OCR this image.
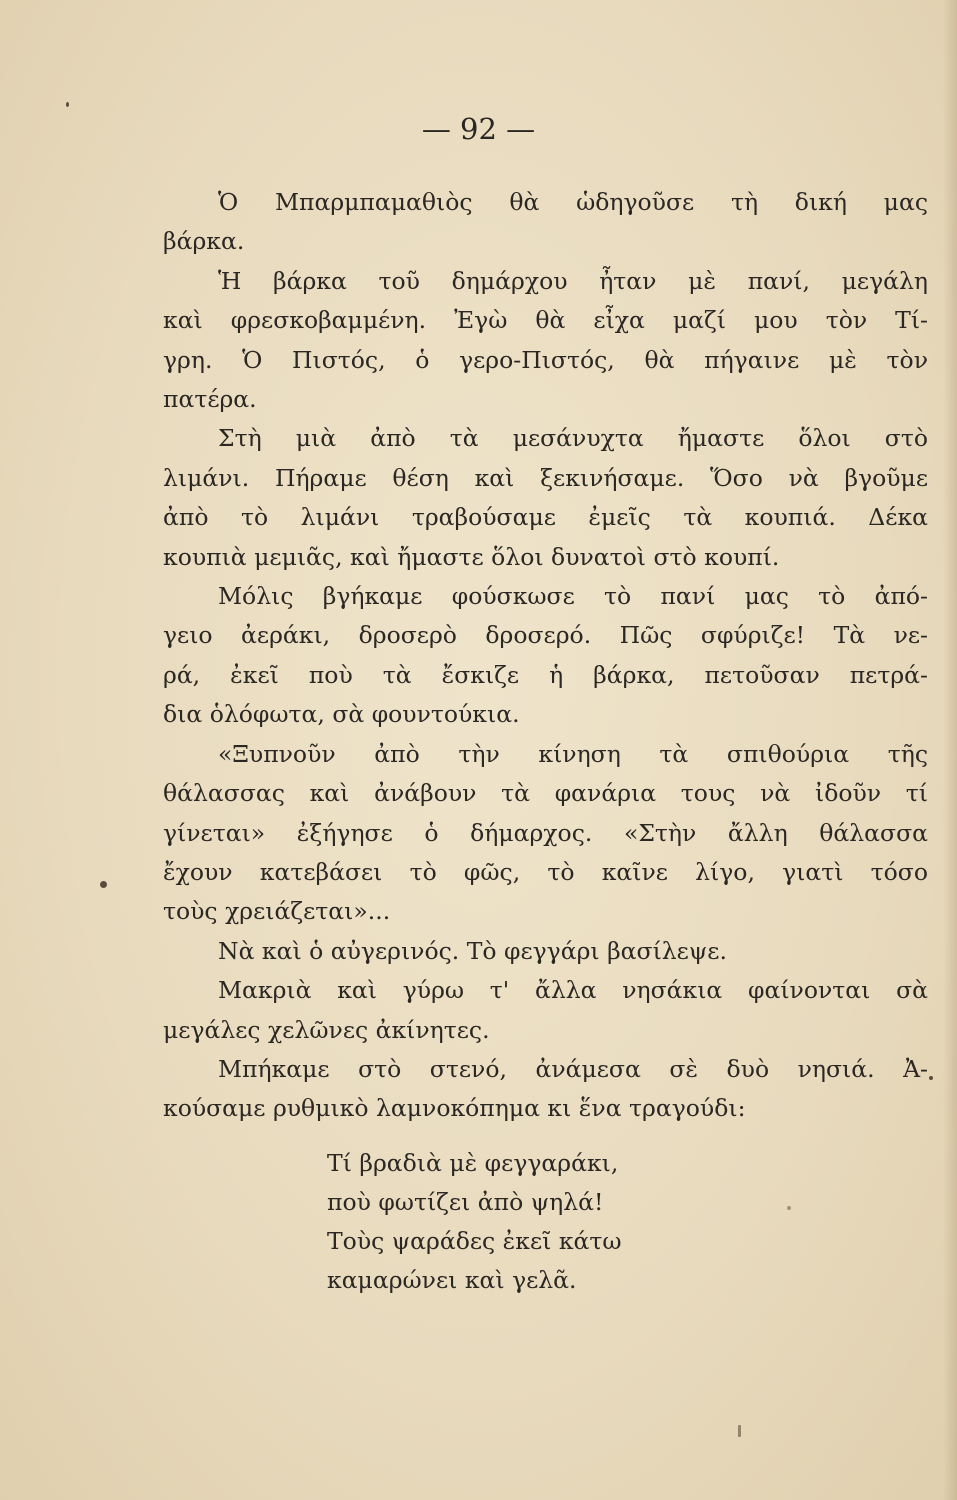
— 92 —
Ὁ Μπαρμπαμαθιὸς θὰ ὡδηγοῦσε τὴ δική μας
βάρκα.
Ἡ βάρκα τοῦ δημάρχου ἦταν μὲ πανί, μεγάλη
καὶ φρεσκοβαμμένη. Ἐγὼ θὰ εἶχα μαζί μου τὸν Τί-
γρη. Ὁ Πιστός, ὁ γερο-Πιστός, θὰ πήγαινε μὲ τὸν
πατέρα.
Στὴ μιὰ ἀπὸ τὰ μεσάνυχτα ἤμαστε ὅλοι στὸ
λιμάνι. Πήραμε θέση καὶ ξεκινήσαμε. Ὅσο νὰ βγοῦμε
ἀπὸ τὸ λιμάνι τραβούσαμε ἐμεῖς τὰ κουπιά. Δέκα
κουπιὰ μεμιᾶς, καὶ ἤμαστε ὅλοι δυνατοὶ στὸ κουπί.
Μόλις βγήκαμε φούσκωσε τὸ πανί μας τὸ ἀπό-
γειο ἀεράκι, δροσερὸ δροσερό. Πῶς σφύριζε! Τὰ νε-
ρά, ἐκεῖ ποὺ τὰ ἔσκιζε ἡ βάρκα, πετοῦσαν πετρά-
δια ὁλόφωτα, σὰ φουντούκια.
«Ξυπνοῦν ἀπὸ τὴν κίνηση τὰ σπιθούρια τῆς
θάλασσας καὶ ἀνάβουν τὰ φανάρια τους νὰ ἰδοῦν τί
γίνεται» ἐξήγησε ὁ δήμαρχος. «Στὴν ἄλλη θάλασσα
ἔχουν κατεβάσει τὸ φῶς, τὸ καῖνε λίγο, γιατὶ τόσο
τοὺς χρειάζεται»...
Νὰ καὶ ὁ αὐγερινός. Τὸ φεγγάρι βασίλεψε.
Μακριὰ καὶ γύρω τ' ἄλλα νησάκια φαίνονται σὰ
μεγάλες χελῶνες ἀκίνητες.
Μπήκαμε στὸ στενό, ἀνάμεσα σὲ δυὸ νησιά. Ἀ-
κούσαμε ρυθμικὸ λαμνοκόπημα κι ἕνα τραγούδι:
Τί βραδιὰ μὲ φεγγαράκι,
ποὺ φωτίζει ἀπὸ ψηλά!
Τοὺς ψαράδες ἐκεῖ κάτω
καμαρώνει καὶ γελᾶ.
